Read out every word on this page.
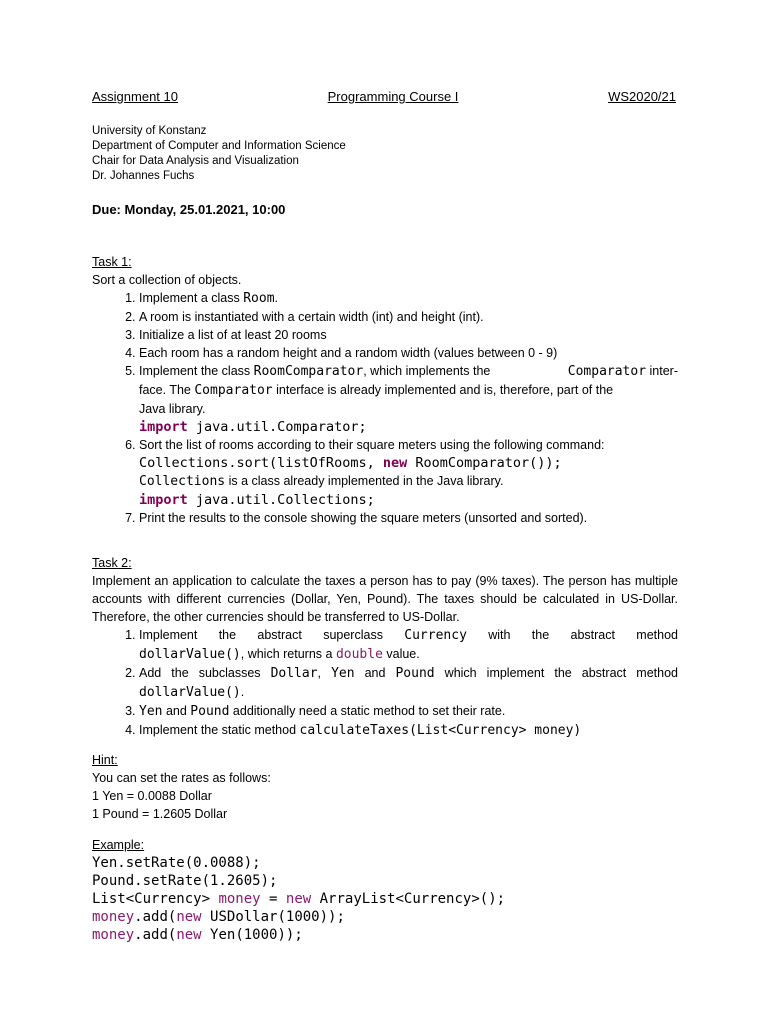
Assignment 10	Programming Course I	WS2020/21

University of Konstanz

Department of Computer and Information Science

Chair for Data Analysis and Visualization

Dr. Johannes Fuchs

Due: Monday, 25.01.2021, 10:00

Task 1:

Sort a collection of objects.

1. Implement a class Room.
2. A room is instantiated with a certain width (int) and height (int).
3. Initialize a list of at least 20 rooms
4. Each room has a random height and a random width (values between 0 - 9)
5. Implement the class RoomComparator, which implements the	Comparator inter-
face. The Comparator interface is already implemented and is, therefore, part of the
Java library.
import java.util.Comparator;
6. Sort the list of rooms according to their square meters using the following command:
Collections.sort(listOfRooms, new RoomComparator());
Collections is a class already implemented in the Java library.
import java.util.Collections;
7. Print the results to the console showing the square meters (unsorted and sorted).

Task 2:

Implement an application to calculate the taxes a person has to pay (9% taxes). The person has multiple accounts with different currencies (Dollar, Yen, Pound). The taxes should be calculated in US-Dollar. Therefore, the other currencies should be transferred to US-Dollar.

1. Implement the abstract superclass Currency with the abstract method
dollarValue(), which returns a double value.
2. Add the subclasses Dollar, Yen and Pound which implement the abstract method
dollarValue().
3. Yen and Pound additionally need a static method to set their rate.
4. Implement the static method calculateTaxes(List<Currency> money)

Hint:

You can set the rates as follows:

1 Yen = 0.0088 Dollar

1 Pound = 1.2605 Dollar

Example:

Yen.setRate(0.0088);

Pound.setRate(1.2605);

List<Currency> money = new ArrayList<Currency>();

money.add(new USDollar(1000));

money.add(new Yen(1000));
